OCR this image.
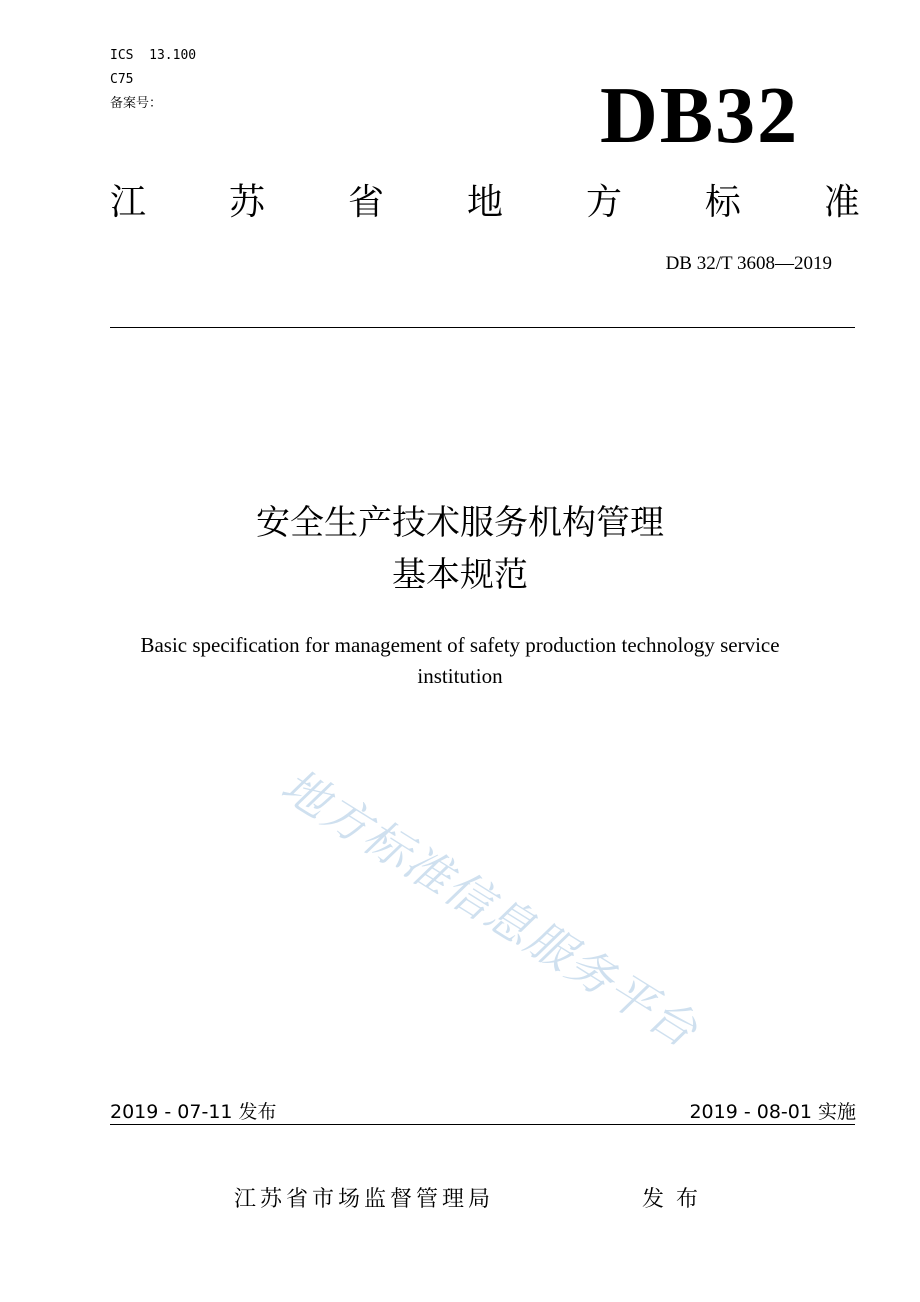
ICS  13.100
C75
备案号：	DB32
江 苏 省 地 方 标 准
DB 32/T 3608—2019
安全生产技术服务机构管理
基本规范
Basic specification for management of safety production technology service
institution
地方标准信息服务平台
2019 - 07-11 发布	2019 - 08-01 实施
江苏省市场监督管理局	发布
